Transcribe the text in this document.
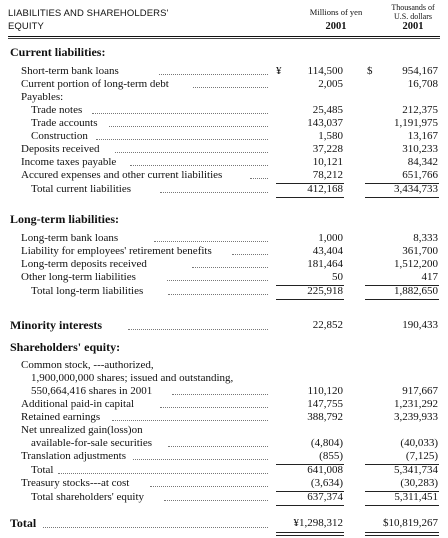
LIABILITIES AND SHAREHOLDERS'
EQUITY
Millions of yen
2001
Thousands of
U.S. dollars
2001
Current liabilities:
Short-term bank loans	¥ 114,500 $	954,167
Current portion of long-term debt	2,005	16,708
Payables:
Trade notes	25,485	212,375
Trade accounts	143,037	1,191,975
Construction	1,580	13,167
Deposits received	37,228	310,233
Income taxes payable	10,121	84,342
Accured expenses and other current liabilities	78,212	651,766
Total current liabilities	412,168	3,434,733
Long-term liabilities:
Long-term bank loans	1,000	8,333
Liability for employees' retirement benefits	43,404	361,700
Long-term deposits received	181,464	1,512,200
Other long-term liabilities	50	417
Total long-term liabilities	225,918	1,882,650
Minority interests	22,852	190,433
Shareholders' equity:
Common stock, ---authorized,
1,900,000,000 shares; issued and outstanding,
550,664,416 shares in 2001	110,120	917,667
Additional paid-in capital	147,755	1,231,292
Retained earnings	388,792	3,239,933
Net unrealized gain(loss)on
available-for-sale securities	(4,804)	(40,033)
Translation adjustments	(855)	(7,125)
Total	641,008	5,341,734
Treasury stocks---at cost	(3,634)	(30,283)
Total shareholders' equity	637,374	5,311,451
Total	¥1,298,312	$10,819,267
